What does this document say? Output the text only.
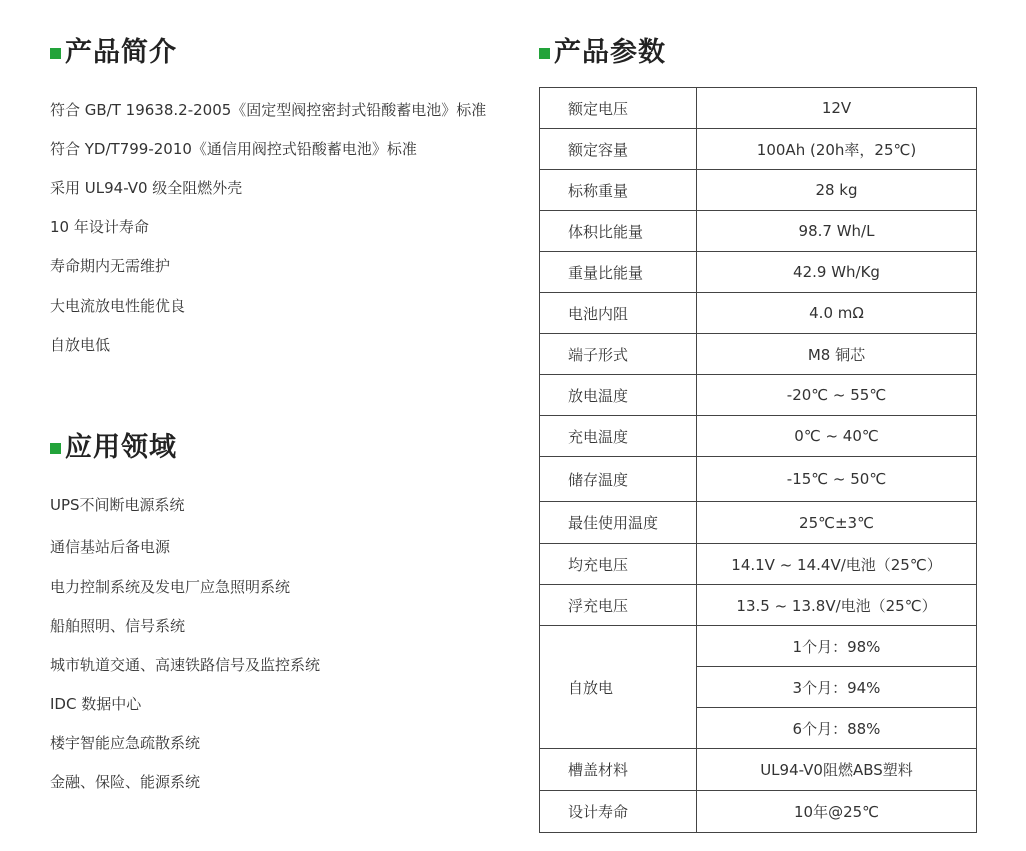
产品简介
符合 GB/T 19638.2-2005《固定型阀控密封式铅酸蓄电池》标准
符合 YD/T799-2010《通信用阀控式铅酸蓄电池》标准
采用 UL94-V0 级全阻燃外壳
10 年设计寿命
寿命期内无需维护
大电流放电性能优良
自放电低
应用领域
UPS不间断电源系统
通信基站后备电源
电力控制系统及发电厂应急照明系统
船舶照明、信号系统
城市轨道交通、高速铁路信号及监控系统
IDC 数据中心
楼宇智能应急疏散系统
金融、保险、能源系统
产品参数
额定电压	12V
额定容量	100Ah (20h率，25℃)
标称重量	28 kg
体积比能量	98.7 Wh/L
重量比能量	42.9 Wh/Kg
电池内阻	4.0 mΩ
端子形式	M8 铜芯
放电温度	-20℃ ~ 55℃
充电温度	0℃ ~ 40℃
储存温度	-15℃ ~ 50℃
最佳使用温度	25℃±3℃
均充电压	14.1V ~ 14.4V/电池（25℃）
浮充电压	13.5 ~ 13.8V/电池（25℃）
自放电	1个月：98%
	3个月：94%
	6个月：88%
槽盖材料	UL94-V0阻燃ABS塑料
设计寿命	10年@25℃
